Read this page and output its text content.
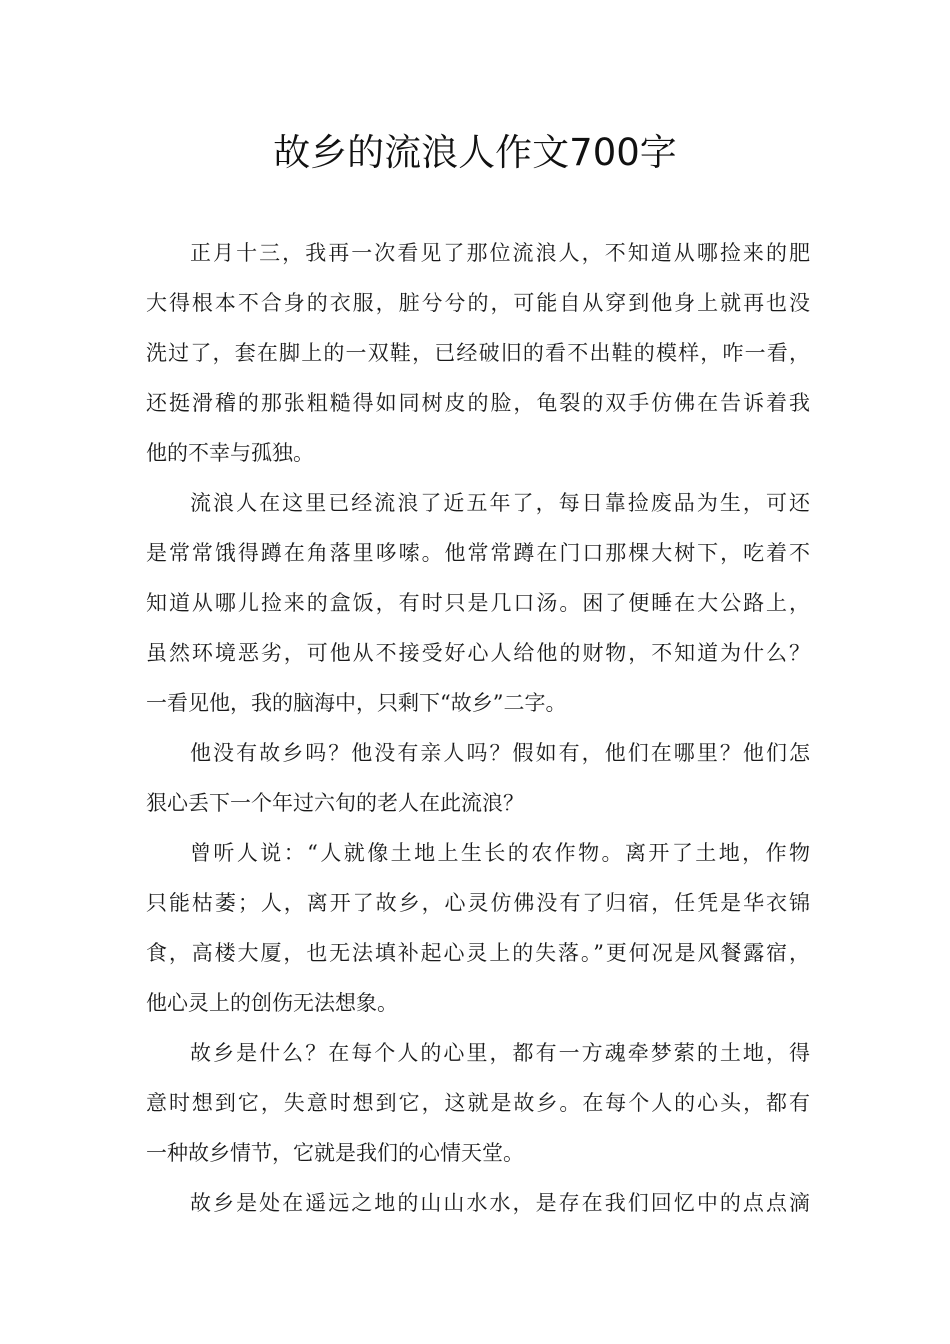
故乡的流浪人作文700字
正月十三，我再一次看见了那位流浪人，不知道从哪捡来的肥
大得根本不合身的衣服，脏兮兮的，可能自从穿到他身上就再也没
洗过了，套在脚上的一双鞋，已经破旧的看不出鞋的模样，咋一看，
还挺滑稽的那张粗糙得如同树皮的脸，龟裂的双手仿佛在告诉着我
他的不幸与孤独。
流浪人在这里已经流浪了近五年了，每日靠捡废品为生，可还
是常常饿得蹲在角落里哆嗦。他常常蹲在门口那棵大树下，吃着不
知道从哪儿捡来的盒饭，有时只是几口汤。困了便睡在大公路上，
虽然环境恶劣，可他从不接受好心人给他的财物，不知道为什么？
一看见他，我的脑海中，只剩下“故乡”二字。
他没有故乡吗？他没有亲人吗？假如有，他们在哪里？他们怎
狠心丢下一个年过六旬的老人在此流浪？
曾听人说：“人就像土地上生长的农作物。离开了土地，作物
只能枯萎；人，离开了故乡，心灵仿佛没有了归宿，任凭是华衣锦
食，高楼大厦，也无法填补起心灵上的失落。”更何况是风餐露宿，
他心灵上的创伤无法想象。
故乡是什么？在每个人的心里，都有一方魂牵梦萦的土地，得
意时想到它，失意时想到它，这就是故乡。在每个人的心头，都有
一种故乡情节，它就是我们的心情天堂。
故乡是处在遥远之地的山山水水，是存在我们回忆中的点点滴
